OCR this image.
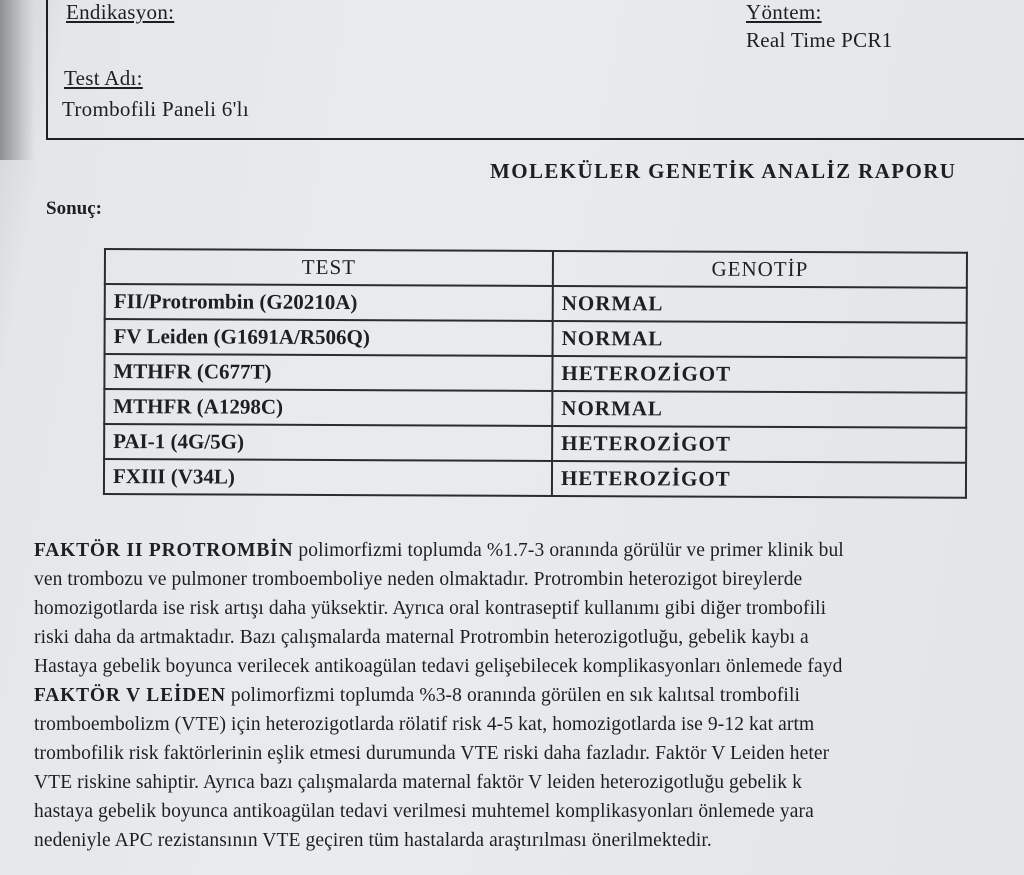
Endikasyon:	Yöntem:
Real Time PCR1
Test Adı:
Trombofili Paneli 6'lı
MOLEKÜLER GENETİK ANALİZ RAPORU
Sonuç:
TEST	GENOTİP
FII/Protrombin (G20210A)	NORMAL
FV Leiden (G1691A/R506Q)	NORMAL
MTHFR (C677T)	HETEROZİGOT
MTHFR (A1298C)	NORMAL
PAI-1 (4G/5G)	HETEROZİGOT
FXIII (V34L)	HETEROZİGOT
FAKTÖR II PROTROMBİN polimorfizmi toplumda %1.7-3 oranında görülür ve primer klinik bul
ven trombozu ve pulmoner tromboemboliye neden olmaktadır. Protrombin heterozigot bireylerde
homozigotlarda ise risk artışı daha yüksektir. Ayrıca oral kontraseptif kullanımı gibi diğer trombofili
riski daha da artmaktadır. Bazı çalışmalarda maternal Protrombin heterozigotluğu, gebelik kaybı a
Hastaya gebelik boyunca verilecek antikoagülan tedavi gelişebilecek komplikasyonları önlemede fayd
FAKTÖR V LEİDEN polimorfizmi toplumda %3-8 oranında görülen en sık kalıtsal trombofili
tromboembolizm (VTE) için heterozigotlarda rölatif risk 4-5 kat, homozigotlarda ise 9-12 kat artm
trombofilik risk faktörlerinin eşlik etmesi durumunda VTE riski daha fazladır. Faktör V Leiden heter
VTE riskine sahiptir. Ayrıca bazı çalışmalarda maternal faktör V leiden heterozigotluğu gebelik k
hastaya gebelik boyunca antikoagülan tedavi verilmesi muhtemel komplikasyonları önlemede yara
nedeniyle APC rezistansının VTE geçiren tüm hastalarda araştırılması önerilmektedir.
